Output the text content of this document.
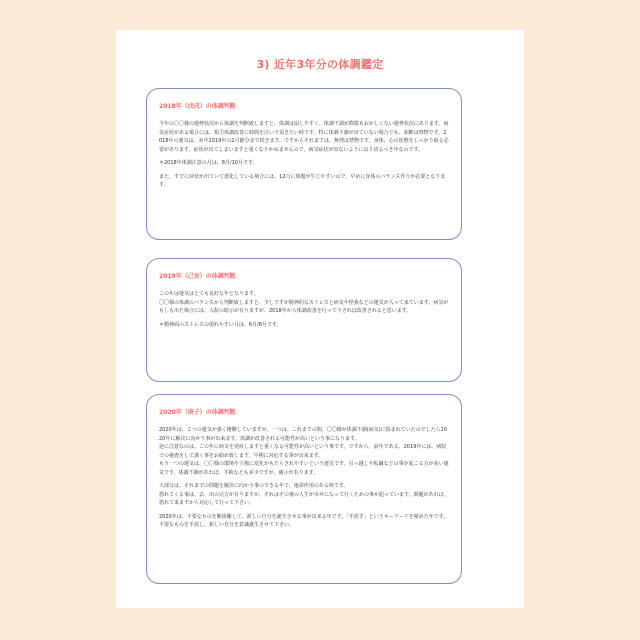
3) 近年3年分の体調鑑定
2018年（戊戌）の体調判断

今年の〇〇様の運勢状況から体調を判断致しますと、体調は崩しやすく、体調不調が際限もおかしくない運勢状況にあります。病気症状がある場合には、相力体調改善に時間を注いで頂きたい時です。特に体調不調が出ていない場合でも、油断は禁物です。2018年の運気は、未年2019年の2月節分まで続きます。ですからそれまでは、無理は禁物です。身体、心の状態をしっかり取る必要があります。症状が出てしまいますと重くなりかねませんので、病気症状が出ないように良り切るべき年なのです。

＊2018年体調注意の月は、8月/10月です。

また、すでに症状が出ていて悪化している場合には、12月に問題が生じやすいので、早めに身体のバランス作りが必要となります。

2019年（己亥）の体調判断

この年は運気はとても良好な年となります。
〇〇様の体調のバランスから判断致しますと、少しですが精神的なストレスと病気や怪我などの運気が入って来ています。病気がもしも出た場合には、入院の暗示が有りますが、2018年から体調改善を行って下されば改善されると思います。

＊精神面のストレスの現れやすい月は、6月/8月です。

2020年（庚子）の体調判断

2020年は、２つの運気が強く棲働していますが、一つは、これまでの問、〇〇様が体調不調(病気)に悩まれていたのでしたら2020年に解決に向かう事が出来ます。体調が改善される可能性が高いという事になります。
逆に注意なのは、この年に病気を発症しますと重くなる可能性が高いという事です。ですから、前年である、2019年には、病院での検査をして調く事をお勧め致します。早期に対応する事が出来ます。
もう一つの運気は、〇〇様の環境や立場に変化がもたらされやすいという運気です。引っ越しや転職などの事が起こる方が多い運気です。体調不調があれば、手術なども多少ですが、確示が有ります。

大部分は、それまでの問題を解決に向かう事のできる年で、運命作用のある時です。
悪れてくる事は、去、出の完方が有りますが、それはその後の人生が幸せになって行くための事が起っています。問題があれば、悪れて来ますから対応して行って下さい。

2020年は、不要なものを断捨離して、新しい自分を誕生させる事が出来る年です。「手放す」というキーワードを秘めた年です。不要なものを手放し、新しい自分を意識誕生させて下さい。
